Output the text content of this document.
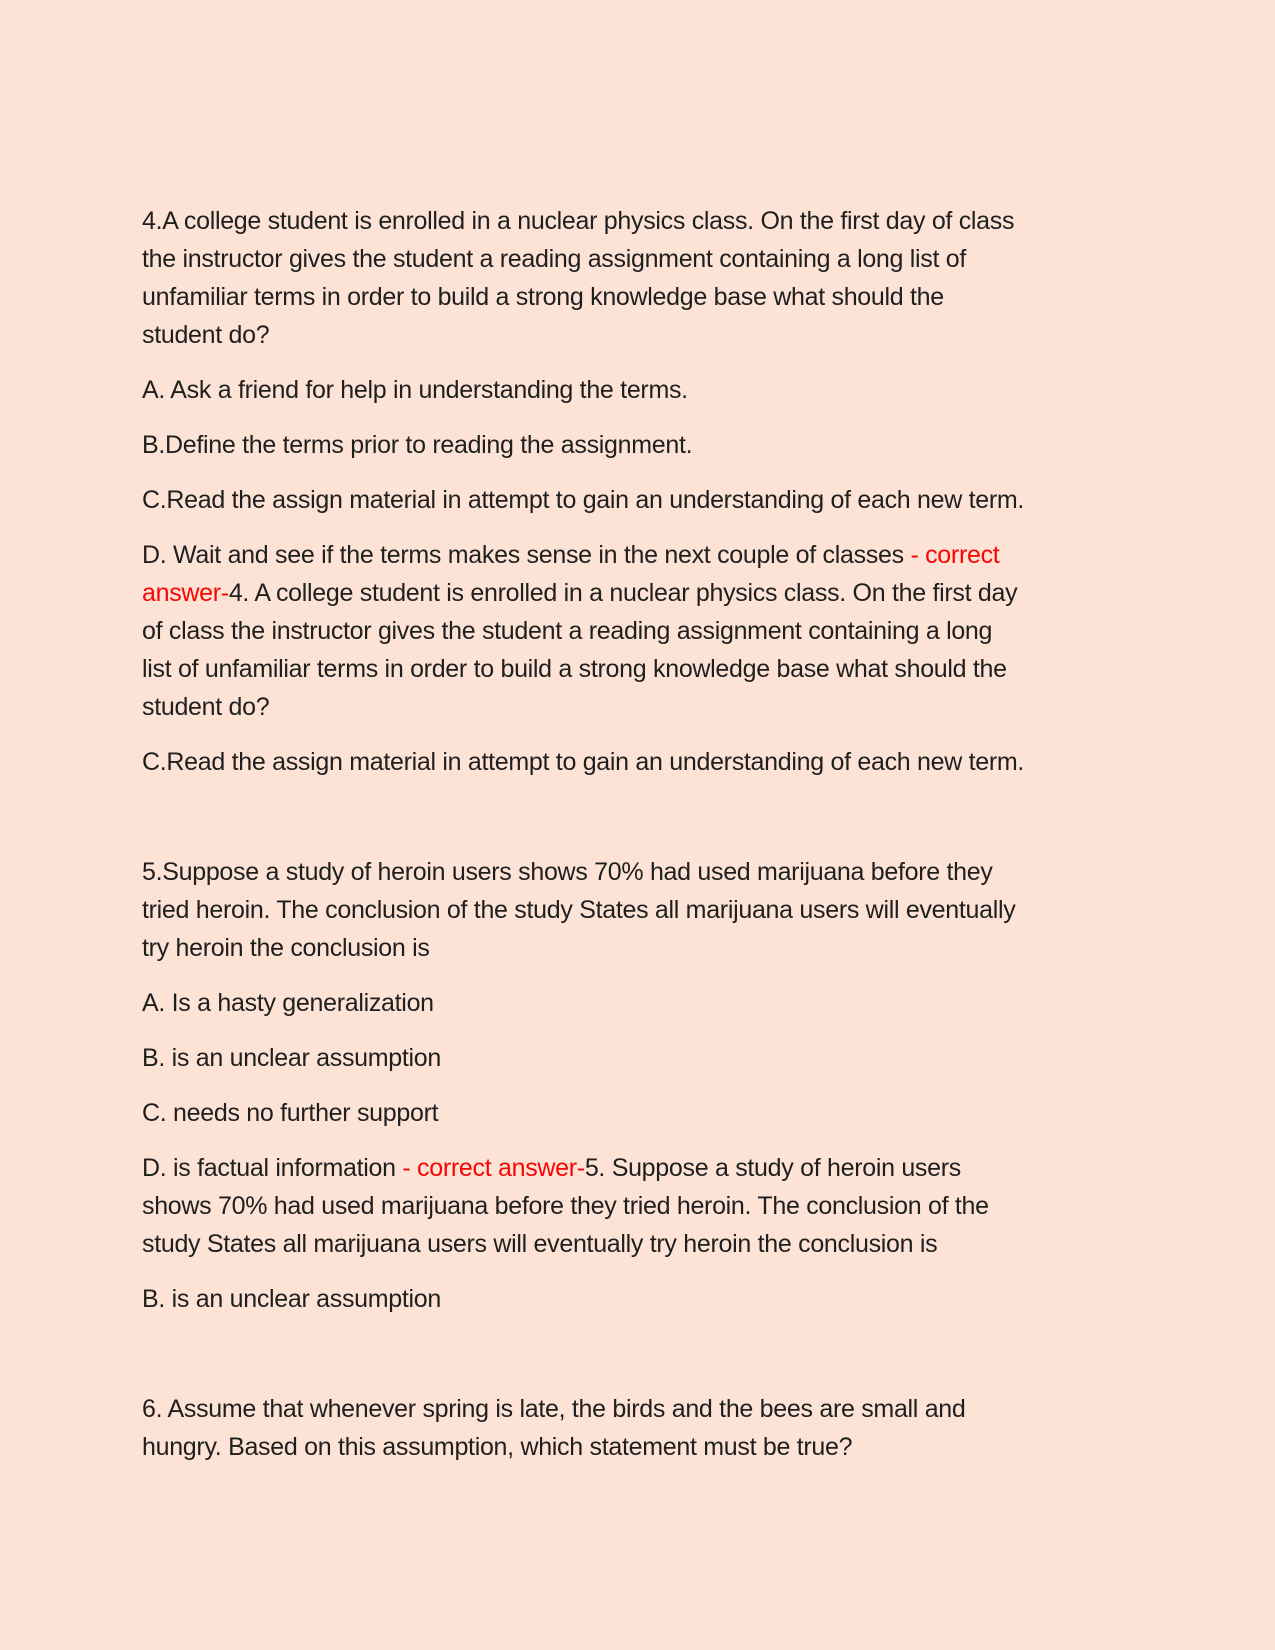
4.A college student is enrolled in a nuclear physics class. On the first day of class
the instructor gives the student a reading assignment containing a long list of
unfamiliar terms in order to build a strong knowledge base what should the
student do?
A. Ask a friend for help in understanding the terms.
B.Define the terms prior to reading the assignment.
C.Read the assign material in attempt to gain an understanding of each new term.
D. Wait and see if the terms makes sense in the next couple of classes - correct
answer-4. A college student is enrolled in a nuclear physics class. On the first day
of class the instructor gives the student a reading assignment containing a long
list of unfamiliar terms in order to build a strong knowledge base what should the
student do?
C.Read the assign material in attempt to gain an understanding of each new term.
5.Suppose a study of heroin users shows 70% had used marijuana before they
tried heroin. The conclusion of the study States all marijuana users will eventually
try heroin the conclusion is
A. Is a hasty generalization
B. is an unclear assumption
C. needs no further support
D. is factual information - correct answer-5. Suppose a study of heroin users
shows 70% had used marijuana before they tried heroin. The conclusion of the
study States all marijuana users will eventually try heroin the conclusion is
B. is an unclear assumption
6. Assume that whenever spring is late, the birds and the bees are small and
hungry. Based on this assumption, which statement must be true?
